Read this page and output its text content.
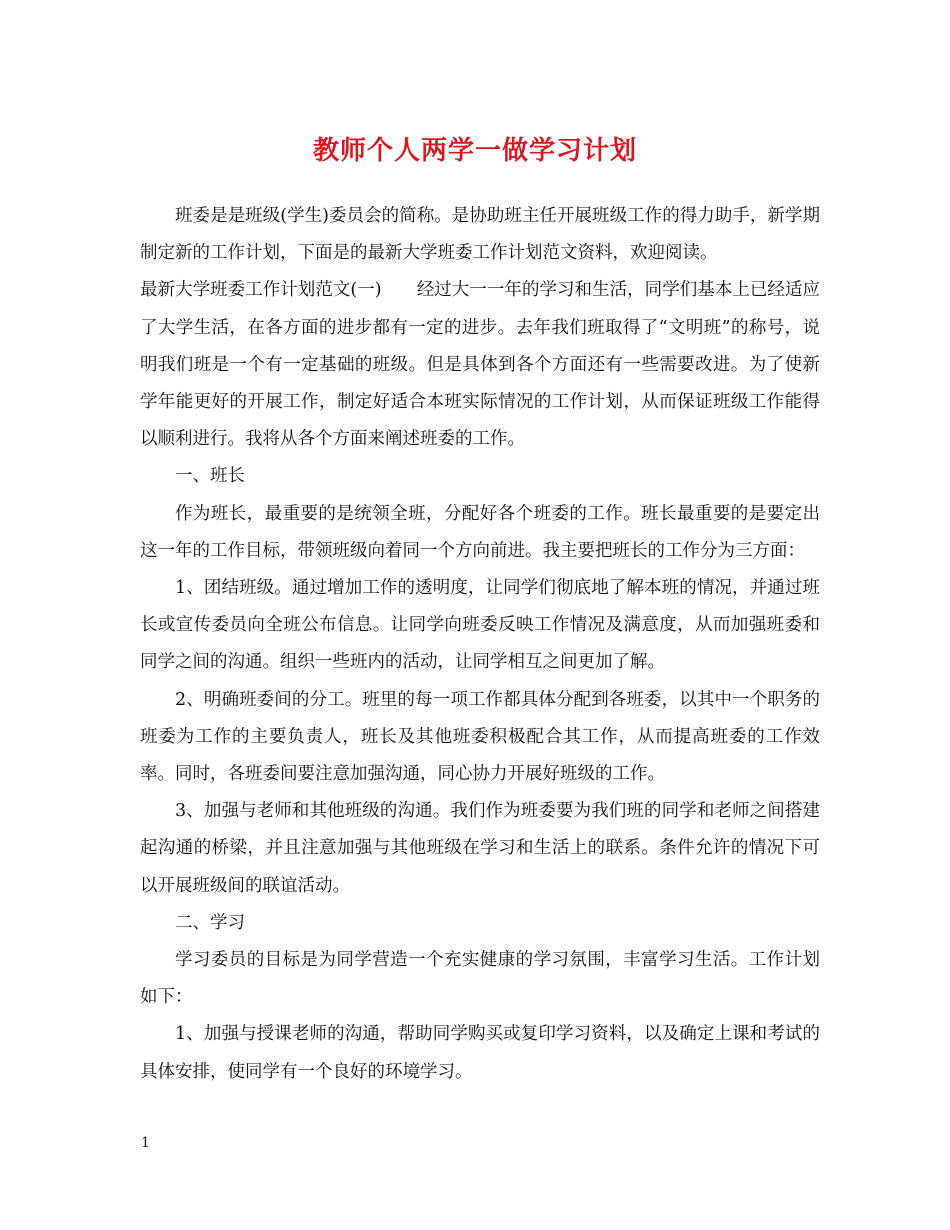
教师个人两学一做学习计划

班委是是班级(学生)委员会的简称。是协助班主任开展班级工作的得力助手，新学期制定新的工作计划，下面是的最新大学班委工作计划范文资料，欢迎阅读。

最新大学班委工作计划范文(一)　　经过大一一年的学习和生活，同学们基本上已经适应了大学生活，在各方面的进步都有一定的进步。去年我们班取得了“文明班”的称号，说明我们班是一个有一定基础的班级。但是具体到各个方面还有一些需要改进。为了使新学年能更好的开展工作，制定好适合本班实际情况的工作计划，从而保证班级工作能得以顺利进行。我将从各个方面来阐述班委的工作。

一、班长

作为班长，最重要的是统领全班，分配好各个班委的工作。班长最重要的是要定出这一年的工作目标，带领班级向着同一个方向前进。我主要把班长的工作分为三方面：

1、团结班级。通过增加工作的透明度，让同学们彻底地了解本班的情况，并通过班长或宣传委员向全班公布信息。让同学向班委反映工作情况及满意度，从而加强班委和同学之间的沟通。组织一些班内的活动，让同学相互之间更加了解。

2、明确班委间的分工。班里的每一项工作都具体分配到各班委，以其中一个职务的班委为工作的主要负责人，班长及其他班委积极配合其工作，从而提高班委的工作效率。同时，各班委间要注意加强沟通，同心协力开展好班级的工作。

3、加强与老师和其他班级的沟通。我们作为班委要为我们班的同学和老师之间搭建起沟通的桥梁，并且注意加强与其他班级在学习和生活上的联系。条件允许的情况下可以开展班级间的联谊活动。

二、学习

学习委员的目标是为同学营造一个充实健康的学习氛围，丰富学习生活。工作计划如下：

1、加强与授课老师的沟通，帮助同学购买或复印学习资料，以及确定上课和考试的具体安排，使同学有一个良好的环境学习。

1
